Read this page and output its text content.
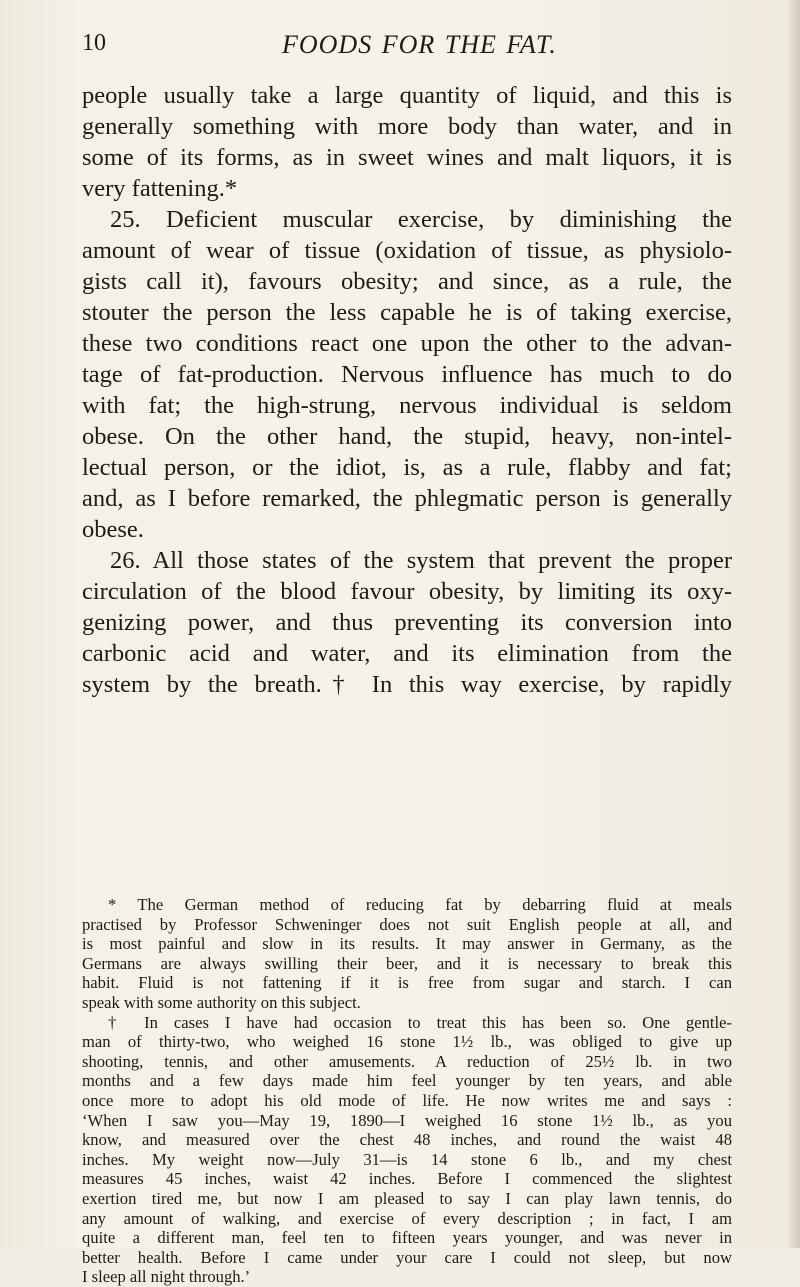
10	FOODS FOR THE FAT.
people usually take a large quantity of liquid, and this is
generally something with more body than water, and in
some of its forms, as in sweet wines and malt liquors, it is
very fattening.*
25. Deficient muscular exercise, by diminishing the
amount of wear of tissue (oxidation of tissue, as physiolo-
gists call it), favours obesity; and since, as a rule, the
stouter the person the less capable he is of taking exercise,
these two conditions react one upon the other to the advan-
tage of fat-production. Nervous influence has much to do
with fat; the high-strung, nervous individual is seldom
obese. On the other hand, the stupid, heavy, non-intel-
lectual person, or the idiot, is, as a rule, flabby and fat;
and, as I before remarked, the phlegmatic person is generally
obese.
26. All those states of the system that prevent the proper
circulation of the blood favour obesity, by limiting its oxy-
genizing power, and thus preventing its conversion into
carbonic acid and water, and its elimination from the
system by the breath.† In this way exercise, by rapidly
* The German method of reducing fat by debarring fluid at meals
practised by Professor Schweninger does not suit English people at all, and
is most painful and slow in its results. It may answer in Germany, as the
Germans are always swilling their beer, and it is necessary to break this
habit. Fluid is not fattening if it is free from sugar and starch. I can
speak with some authority on this subject.
† In cases I have had occasion to treat this has been so. One gentle-
man of thirty-two, who weighed 16 stone 1½ lb., was obliged to give up
shooting, tennis, and other amusements. A reduction of 25½ lb. in two
months and a few days made him feel younger by ten years, and able
once more to adopt his old mode of life. He now writes me and says :
‘When I saw you—May 19, 1890—I weighed 16 stone 1½ lb., as you
know, and measured over the chest 48 inches, and round the waist 48
inches. My weight now—July 31—is 14 stone 6 lb., and my chest
measures 45 inches, waist 42 inches. Before I commenced the slightest
exertion tired me, but now I am pleased to say I can play lawn tennis, do
any amount of walking, and exercise of every description ; in fact, I am
quite a different man, feel ten to fifteen years younger, and was never in
better health. Before I came under your care I could not sleep, but now
I sleep all night through.’
